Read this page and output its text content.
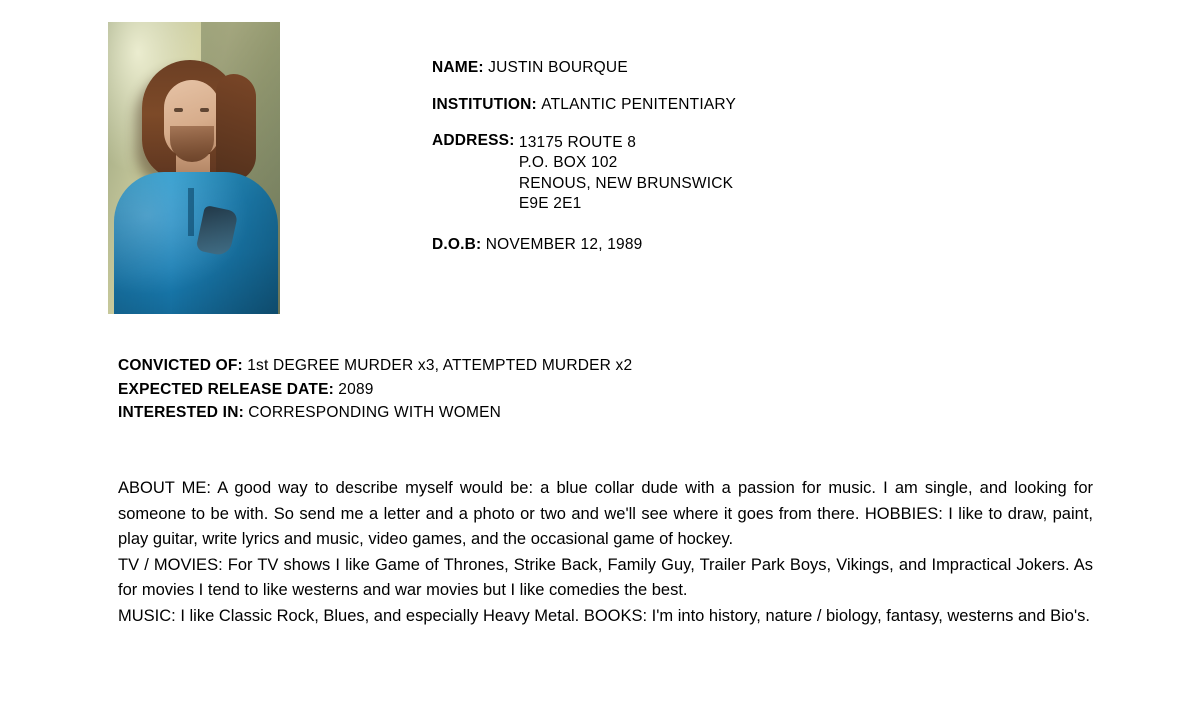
NAME: JUSTIN BOURQUE
INSTITUTION: ATLANTIC PENITENTIARY
ADDRESS: 13175 ROUTE 8
P.O. BOX 102
RENOUS, NEW BRUNSWICK
E9E 2E1
D.O.B: NOVEMBER 12, 1989
CONVICTED OF: 1st DEGREE MURDER x3, ATTEMPTED MURDER x2
EXPECTED RELEASE DATE: 2089
INTERESTED IN: CORRESPONDING WITH WOMEN

ABOUT ME: A good way to describe myself would be: a blue collar dude with a passion for music. I am single, and looking for someone to be with. So send me a letter and a photo or two and we'll see where it goes from there. HOBBIES: I like to draw, paint, play guitar, write lyrics and music, video games, and the occasional game of hockey.

TV / MOVIES: For TV shows I like Game of Thrones, Strike Back, Family Guy, Trailer Park Boys, Vikings, and Impractical Jokers. As for movies I tend to like westerns and war movies but I like comedies the best.

MUSIC: I like Classic Rock, Blues, and especially Heavy Metal. BOOKS: I'm into history, nature / biology, fantasy, westerns and Bio's.
